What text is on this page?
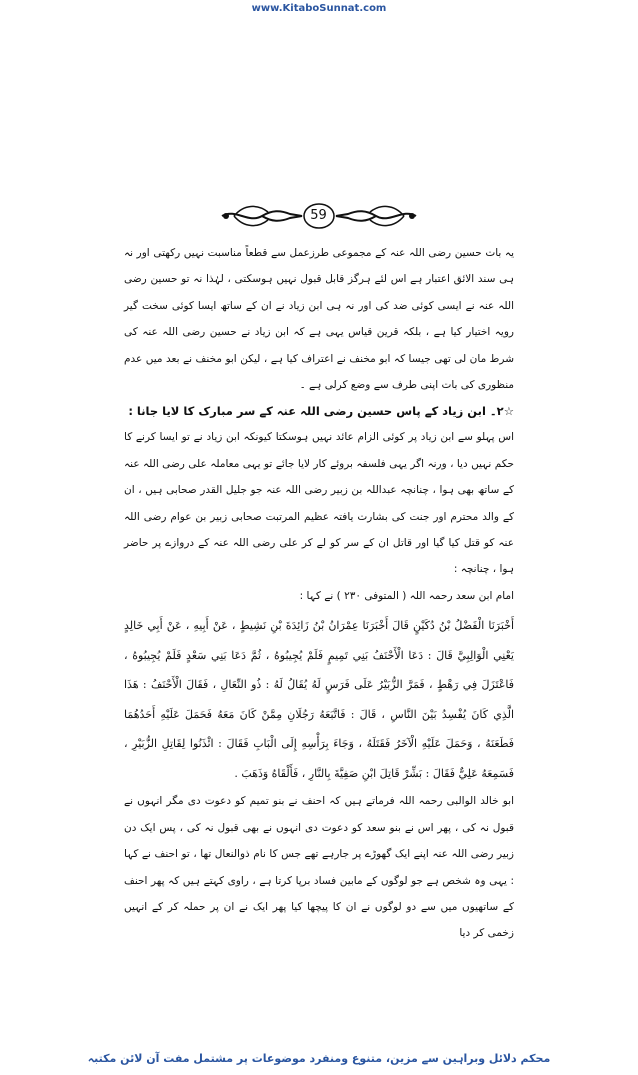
www.KitaboSunnat.com
59

یہ بات حسین رضی اللہ عنہ کے مجموعی طرزعمل سے قطعاً مناسبت نہیں رکھتی اور نہ ہی سند الائق اعتبار ہے اس لئے ہرگز قابل قبول نہیں ہوسکتی ، لہٰذا نہ تو حسین رضی اللہ عنہ نے ایسی کوئی ضد کی اور نہ ہی ابن زیاد نے ان کے ساتھ ایسا کوئی سخت گیر رویہ اختیار کیا ہے ، بلکہ قرین قیاس یہی ہے کہ ابن زیاد نے حسین رضی اللہ عنہ کی شرط مان لی تھی جیسا کہ ابو مخنف نے اعتراف کیا ہے ، لیکن ابو مخنف نے بعد میں عدم منظوری کی بات اپنی طرف سے وضع کرلی ہے ۔

☆۲۔ ابن زیاد کے پاس حسین رضی اللہ عنہ کے سر مبارک کا لایا جانا :

اس پہلو سے ابن زیاد پر کوئی الزام عائد نہیں ہوسکتا کیونکہ ابن زیاد نے تو ایسا کرنے کا حکم نہیں دیا ، ورنہ اگر یہی فلسفہ بروئے کار لایا جائے تو یہی معاملہ علی رضی اللہ عنہ کے ساتھ بھی ہوا ، چنانچہ عبداللہ بن زبیر رضی اللہ عنہ جو جلیل القدر صحابی ہیں ، ان کے والد محترم اور جنت کی بشارت یافتہ عظیم المرتبت صحابی زبیر بن عوام رضی اللہ عنہ کو قتل کیا گیا اور قاتل ان کے سر کو لے کر علی رضی اللہ عنہ کے دروازے پر حاضر ہوا ، چنانچہ :

امام ابن سعد رحمہ اللہ ( المتوفی ۲۳۰ ) نے کہا :

أَخْبَرَنَا الْفَضْلُ بْنُ دُكَيْنٍ قَالَ أَخْبَرَنَا عِمْرَانُ بْنُ زَائِدَةَ بْنِ نَشِيطٍ ، عَنْ أَبِيهِ ، عَنْ أَبِي خَالِدٍ يَعْنِي الْوَالِبِيَّ قَالَ : دَعَا الْأَحْنَفُ بَنِي تَمِيمٍ فَلَمْ يُجِيبُوهُ ، ثُمَّ دَعَا بَنِي سَعْدٍ فَلَمْ يُجِيبُوهُ ، فَاعْتَزَلَ فِي رَهْطٍ ، فَمَرَّ الزُّبَيْرُ عَلَى فَرَسٍ لَهُ يُقَالُ لَهُ : ذُو النِّعَالِ ، فَقَالَ الْأَحْنَفُ : هَذَا الَّذِي كَانَ يُفْسِدُ بَيْنَ النَّاسِ ، قَالَ : فَاتَّبَعَهُ رَجُلَانِ مِمَّنْ كَانَ مَعَهُ فَحَمَلَ عَلَيْهِ أَحَدُهُمَا فَطَعَنَهُ ، وَحَمَلَ عَلَيْهِ الْآخَرُ فَقَتَلَهُ ، وَجَاءَ بِرَأْسِهِ إِلَى الْبَابِ فَقَالَ : ائْذَنُوا لِقَاتِلِ الزُّبَيْرِ ، فَسَمِعَهُ عَلِيٌّ فَقَالَ : بَشِّرْ قَاتِلَ ابْنِ صَفِيَّةَ بِالنَّارِ ، فَأَلْقَاهُ وَذَهَبَ .

ابو خالد الوالبی رحمہ اللہ فرماتے ہیں کہ احنف نے بنو تمیم کو دعوت دی مگر انہوں نے قبول نہ کی ، پھر اس نے بنو سعد کو دعوت دی انہوں نے بھی قبول نہ کی ، پس ایک دن زبیر رضی اللہ عنہ اپنے ایک گھوڑے پر جارہے تھے جس کا نام ذوالنعال تھا ، تو احنف نے کہا : یہی وہ شخص ہے جو لوگوں کے مابین فساد برپا کرتا ہے ، راوی کہتے ہیں کہ پھر احنف کے ساتھیوں میں سے دو لوگوں نے ان کا پیچھا کیا پھر ایک نے ان پر حملہ کر کے انہیں زخمی کر دیا

محکم دلائل وبراہین سے مزین، متنوع ومنفرد موضوعات پر مشتمل مفت آن لائن مکتبہ
